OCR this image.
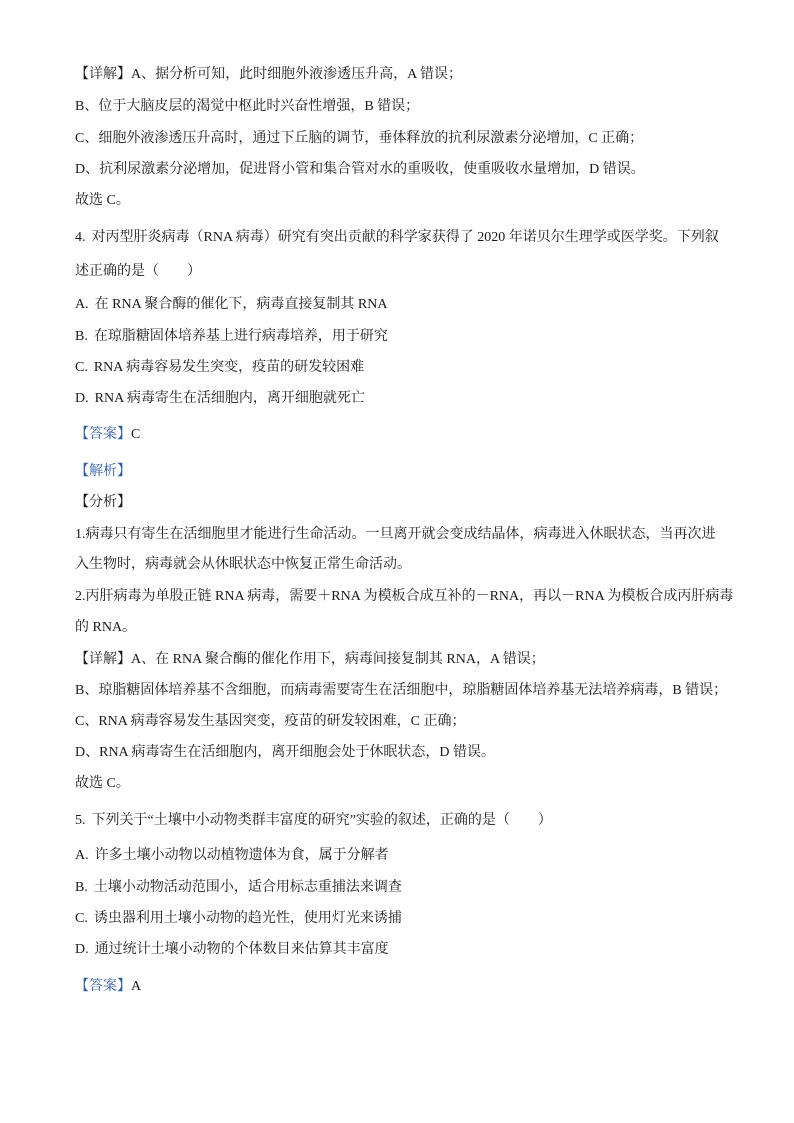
【详解】A、据分析可知，此时细胞外液渗透压升高，A 错误；
B、位于大脑皮层的渴觉中枢此时兴奋性增强，B 错误；
C、细胞外液渗透压升高时，通过下丘脑的调节，垂体释放的抗利尿激素分泌增加，C 正确；
D、抗利尿激素分泌增加，促进肾小管和集合管对水的重吸收，使重吸收水量增加，D 错误。
故选 C。
4. 对丙型肝炎病毒（RNA 病毒）研究有突出贡献的科学家获得了 2020 年诺贝尔生理学或医学奖。下列叙
述正确的是（　　）
A. 在 RNA 聚合酶的催化下，病毒直接复制其 RNA
B. 在琼脂糖固体培养基上进行病毒培养，用于研究
C. RNA 病毒容易发生突变，疫苗的研发较困难
D. RNA 病毒寄生在活细胞内，离开细胞就死亡
【答案】C
【解析】
【分析】
1.病毒只有寄生在活细胞里才能进行生命活动。一旦离开就会变成结晶体，病毒进入休眠状态，当再次进
入生物时，病毒就会从休眠状态中恢复正常生命活动。
2.丙肝病毒为单股正链 RNA 病毒，需要＋RNA 为模板合成互补的－RNA，再以－RNA 为模板合成丙肝病毒
的 RNA。
【详解】A、在 RNA 聚合酶的催化作用下，病毒间接复制其 RNA，A 错误；
B、琼脂糖固体培养基不含细胞，而病毒需要寄生在活细胞中，琼脂糖固体培养基无法培养病毒，B 错误；
C、RNA 病毒容易发生基因突变，疫苗的研发较困难，C 正确；
D、RNA 病毒寄生在活细胞内，离开细胞会处于休眠状态，D 错误。
故选 C。
5. 下列关于“土壤中小动物类群丰富度的研究”实验的叙述，正确的是（　　）
A. 许多土壤小动物以动植物遗体为食，属于分解者
B. 土壤小动物活动范围小，适合用标志重捕法来调查
C. 诱虫器利用土壤小动物的趋光性，使用灯光来诱捕
D. 通过统计土壤小动物的个体数目来估算其丰富度
【答案】A
